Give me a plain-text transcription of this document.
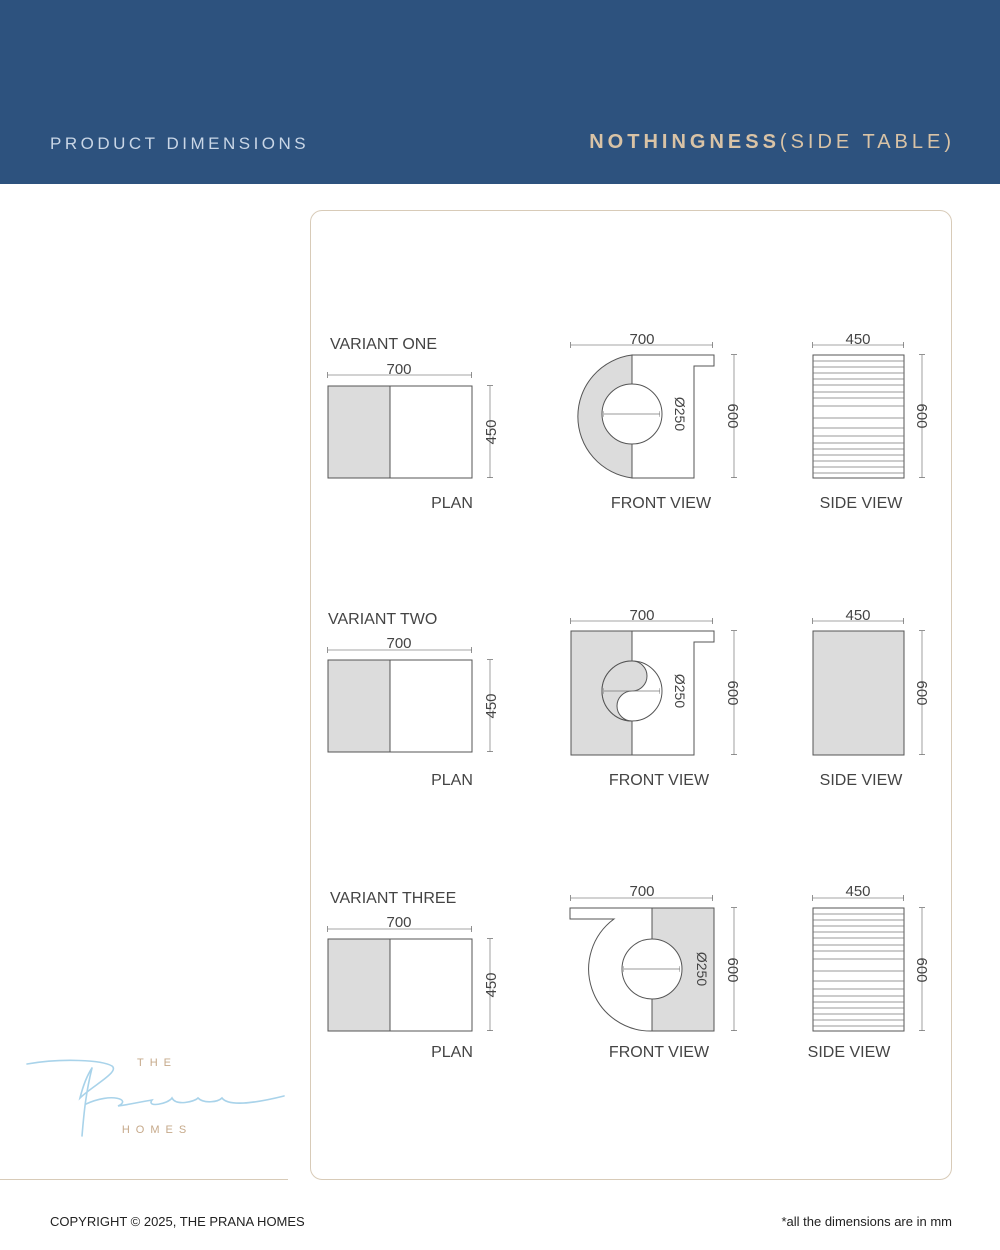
PRODUCT DIMENSIONS	NOTHINGNESS(SIDE TABLE)
VARIANT ONE
700
450
PLAN
700
Ø250 600
FRONT VIEW
450
600
SIDE VIEW
VARIANT TWO
700
450
PLAN
700
Ø250 600
FRONT VIEW
450
600
SIDE VIEW
VARIANT THREE
700
450
PLAN
700
Ø250 600
FRONT VIEW
450
600
SIDE VIEW
THE
HOMES
COPYRIGHT © 2025, THE PRANA HOMES	*all the dimensions are in mm
